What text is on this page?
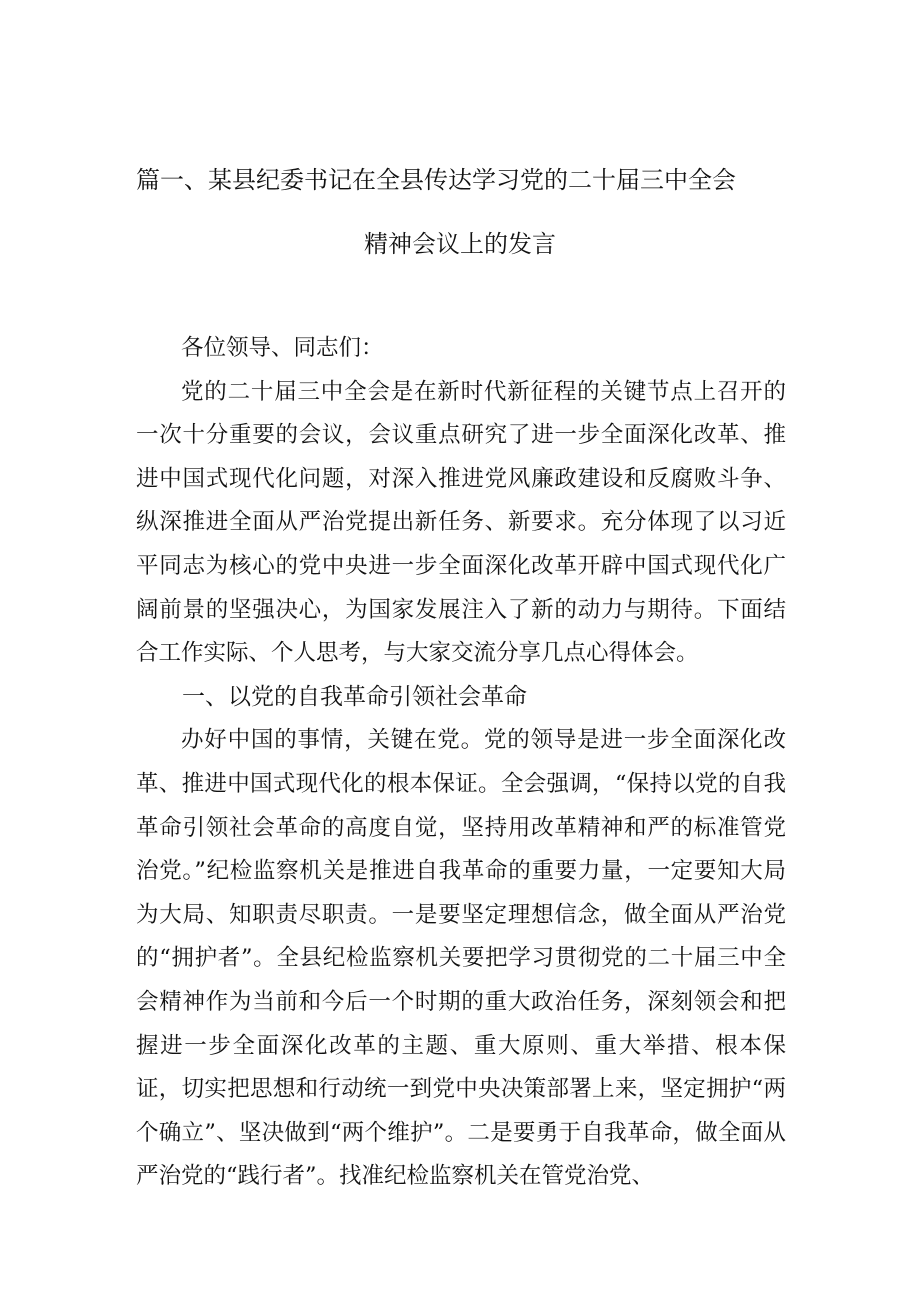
篇一、某县纪委书记在全县传达学习党的二十届三中全会
精神会议上的发言

各位领导、同志们：

党的二十届三中全会是在新时代新征程的关键节点上召开的一次十分重要的会议，会议重点研究了进一步全面深化改革、推进中国式现代化问题，对深入推进党风廉政建设和反腐败斗争、纵深推进全面从严治党提出新任务、新要求。充分体现了以习近平同志为核心的党中央进一步全面深化改革开辟中国式现代化广阔前景的坚强决心，为国家发展注入了新的动力与期待。下面结合工作实际、个人思考，与大家交流分享几点心得体会。

一、以党的自我革命引领社会革命

办好中国的事情，关键在党。党的领导是进一步全面深化改革、推进中国式现代化的根本保证。全会强调，“保持以党的自我革命引领社会革命的高度自觉，坚持用改革精神和严的标准管党治党。”纪检监察机关是推进自我革命的重要力量，一定要知大局为大局、知职责尽职责。一是要坚定理想信念，做全面从严治党的“拥护者”。全县纪检监察机关要把学习贯彻党的二十届三中全会精神作为当前和今后一个时期的重大政治任务，深刻领会和把握进一步全面深化改革的主题、重大原则、重大举措、根本保证，切实把思想和行动统一到党中央决策部署上来，坚定拥护“两个确立”、坚决做到“两个维护”。二是要勇于自我革命，做全面从严治党的“践行者”。找准纪检监察机关在管党治党、
